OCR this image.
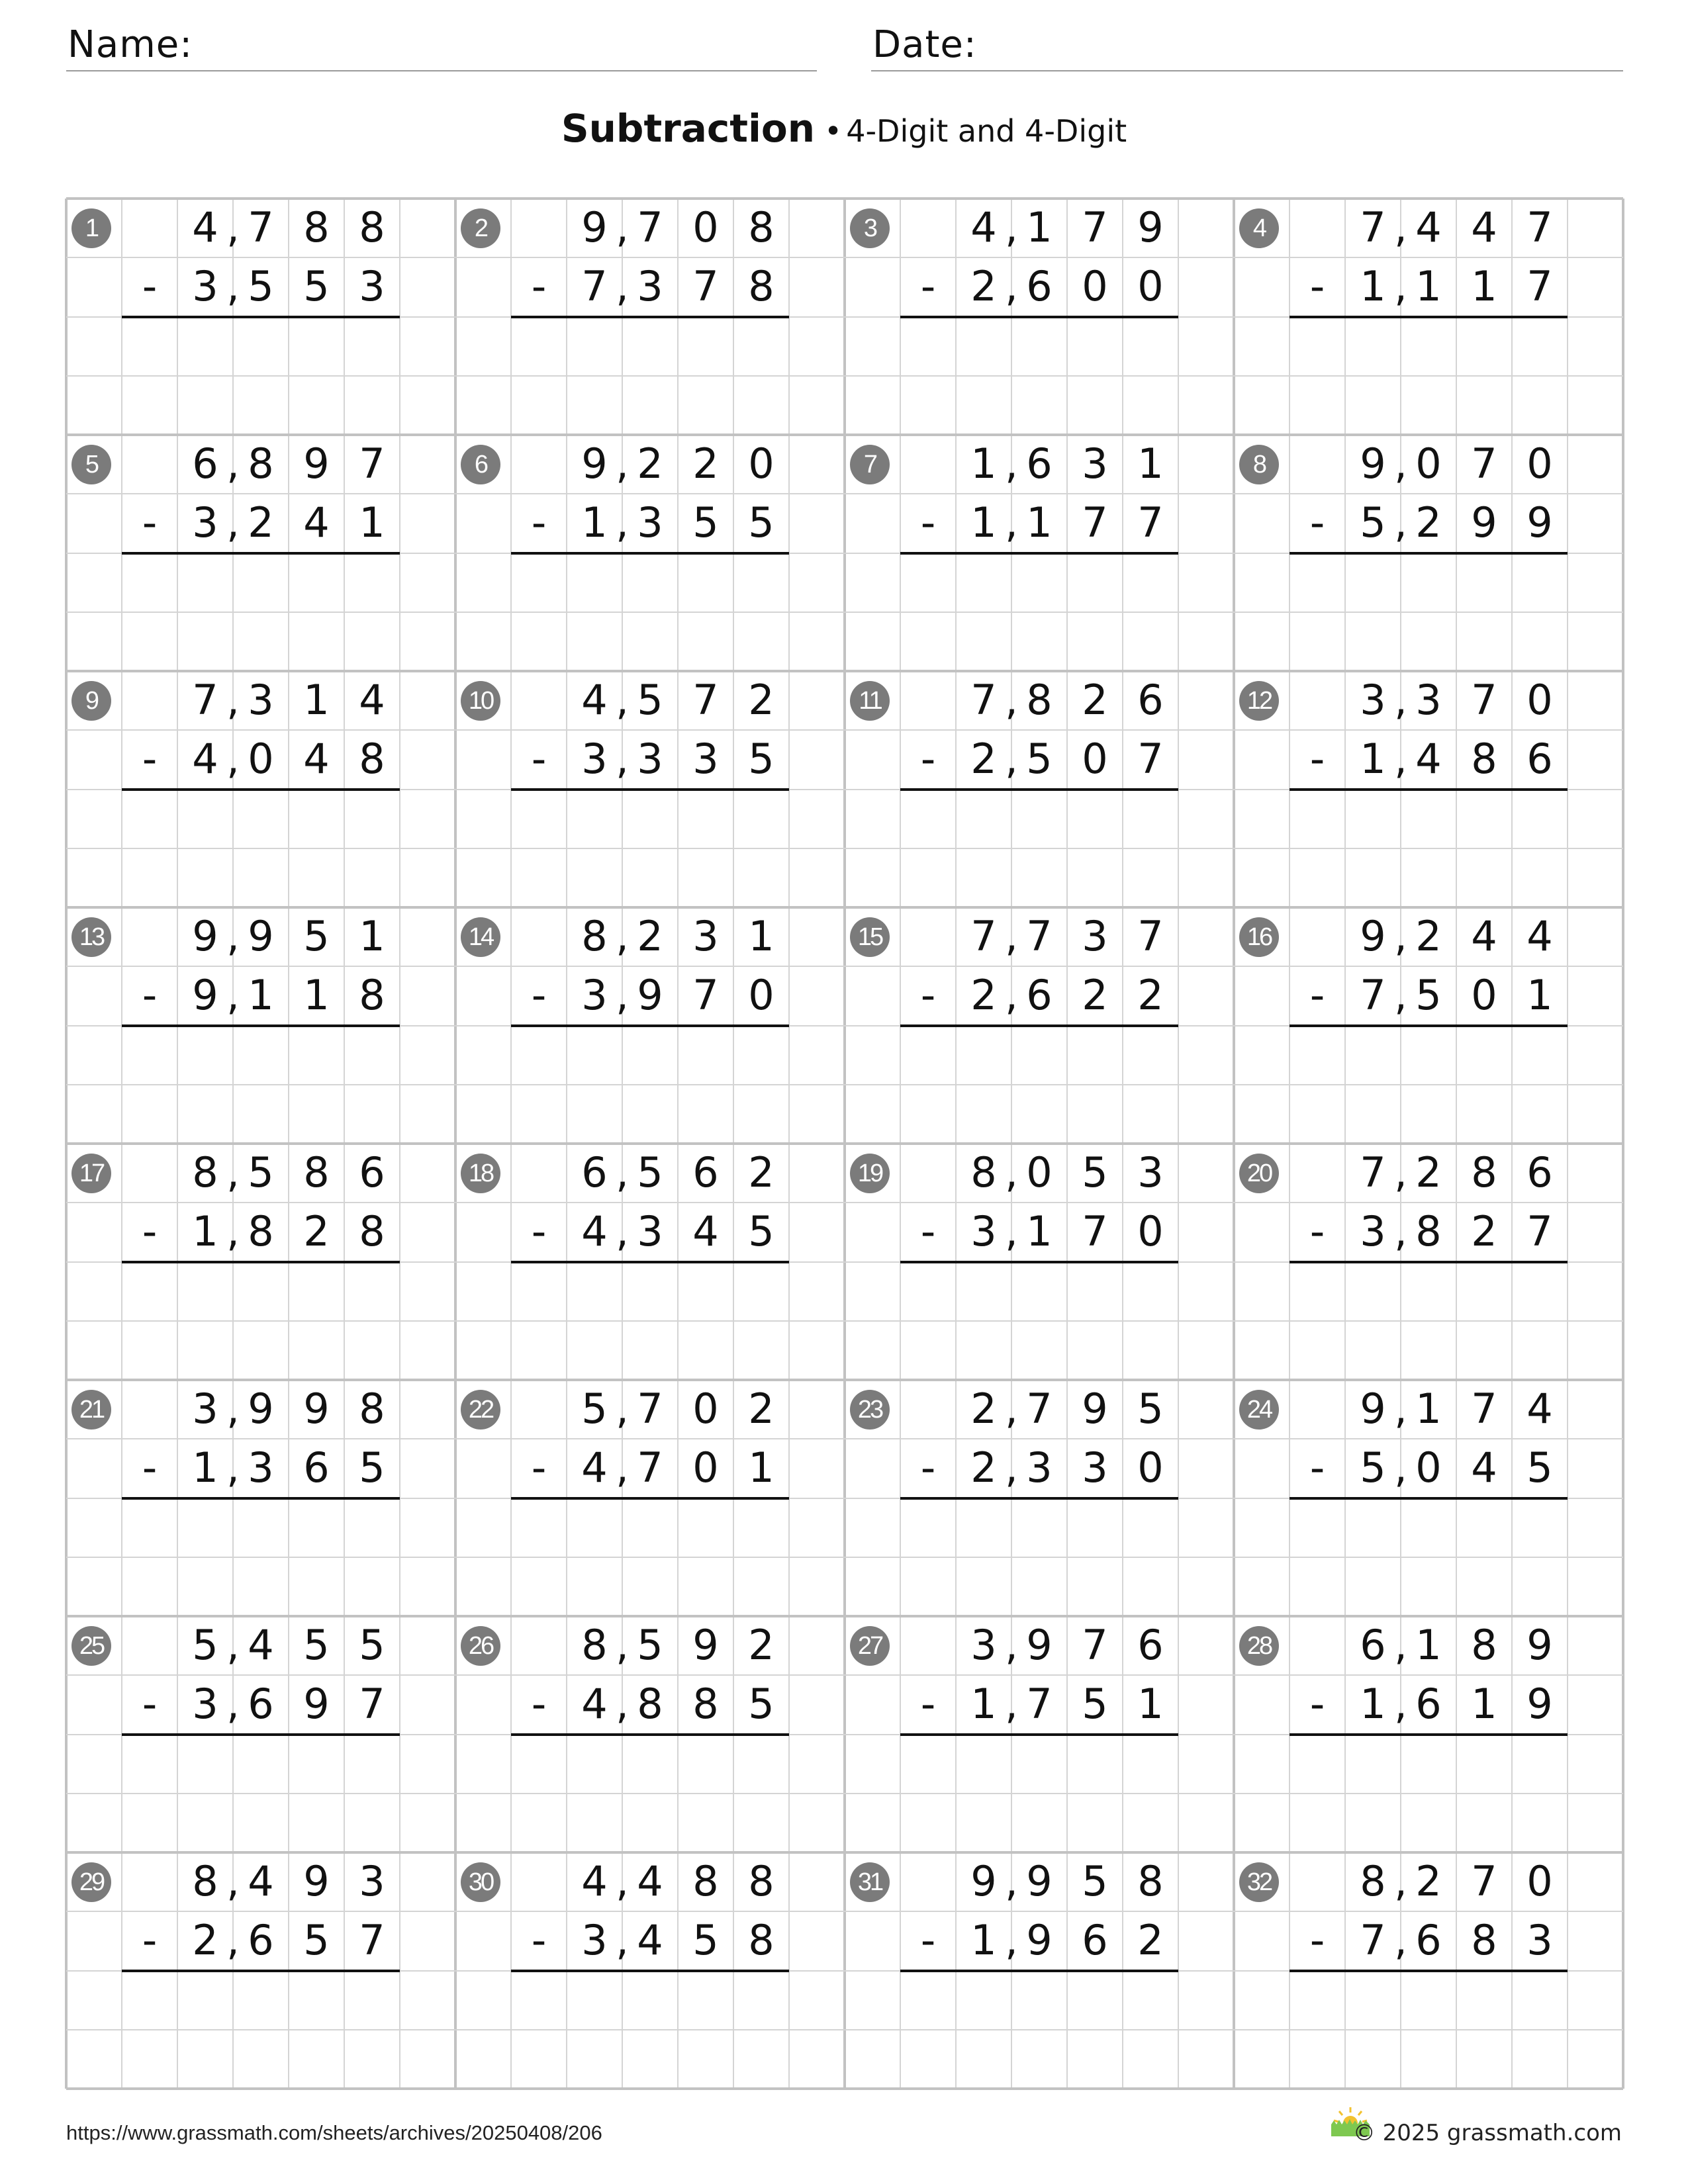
Name:	Date:
Subtraction • 4-Digit and 4-Digit
1	4 7 8 8
,
- 3 5 5 3
,
2	9 7 0 8
,
- 7 3 7 8
,
3	4 1 7 9
,
- 2 6 0 0
,
4	7 4 4 7
,
- 1 1 1 7
,
5	6 8 9 7
,
- 3 2 4 1
,
6	9 2 2 0
,
- 1 3 5 5
,
7	1 6 3 1
,
- 1 1 7 7
,
8	9 0 7 0
,
- 5 2 9 9
,
9	7 3 1 4
,
- 4 0 4 8
,
10	4 5 7 2
,
- 3 3 3 5
,
11	7 8 2 6
,
- 2 5 0 7
,
12	3 3 7 0
,
- 1 4 8 6
,
13	9 9 5 1
,
- 9 1 1 8
,
14	8 2 3 1
,
- 3 9 7 0
,
15	7 7 3 7
,
- 2 6 2 2
,
16	9 2 4 4
,
- 7 5 0 1
,
17	8 5 8 6
,
- 1 8 2 8
,
18	6 5 6 2
,
- 4 3 4 5
,
19	8 0 5 3
,
- 3 1 7 0
,
20	7 2 8 6
,
- 3 8 2 7
,
21	3 9 9 8
,
- 1 3 6 5
,
22	5 7 0 2
,
- 4 7 0 1
,
23	2 7 9 5
,
- 2 3 3 0
,
24	9 1 7 4
,
- 5 0 4 5
,
25	5 4 5 5
,
- 3 6 9 7
,
26	8 5 9 2
,
- 4 8 8 5
,
27	3 9 7 6
,
- 1 7 5 1
,
28	6 1 8 9
,
- 1 6 1 9
,
29	8 4 9 3
,
- 2 6 5 7
,
30	4 4 8 8
,
- 3 4 5 8
,
31	9 9 5 8
,
- 1 9 6 2
,
32	8 2 7 0
,
- 7 6 8 3
,
https://www.grassmath.com/sheets/archives/20250408/206	© 2025 grassmath.com
